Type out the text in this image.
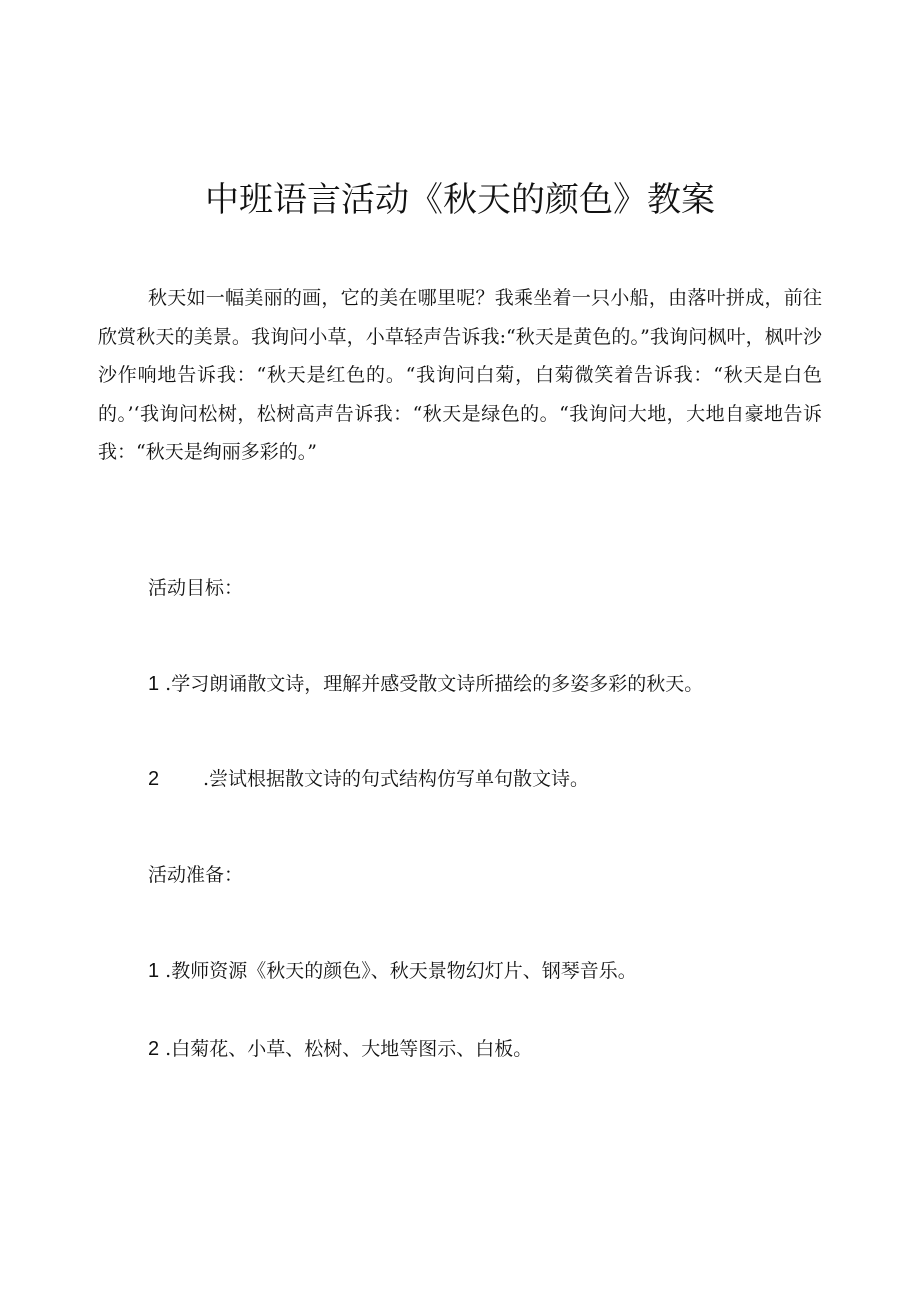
中班语言活动《秋天的颜色》教案

秋天如一幅美丽的画，它的美在哪里呢？我乘坐着一只小船，由落叶拼成，前往欣赏秋天的美景。我询问小草，小草轻声告诉我:“秋天是黄色的。”我询问枫叶，枫叶沙沙作响地告诉我：“秋天是红色的。“我询问白菊，白菊微笑着告诉我：“秋天是白色的。’‘我询问松树，松树高声告诉我：“秋天是绿色的。“我询问大地，大地自豪地告诉我：“秋天是绚丽多彩的。”

活动目标：

1 .学习朗诵散文诗，理解并感受散文诗所描绘的多姿多彩的秋天。

2 .尝试根据散文诗的句式结构仿写单句散文诗。

活动准备：

1 .教师资源《秋天的颜色》、秋天景物幻灯片、钢琴音乐。

2 .白菊花、小草、松树、大地等图示、白板。
